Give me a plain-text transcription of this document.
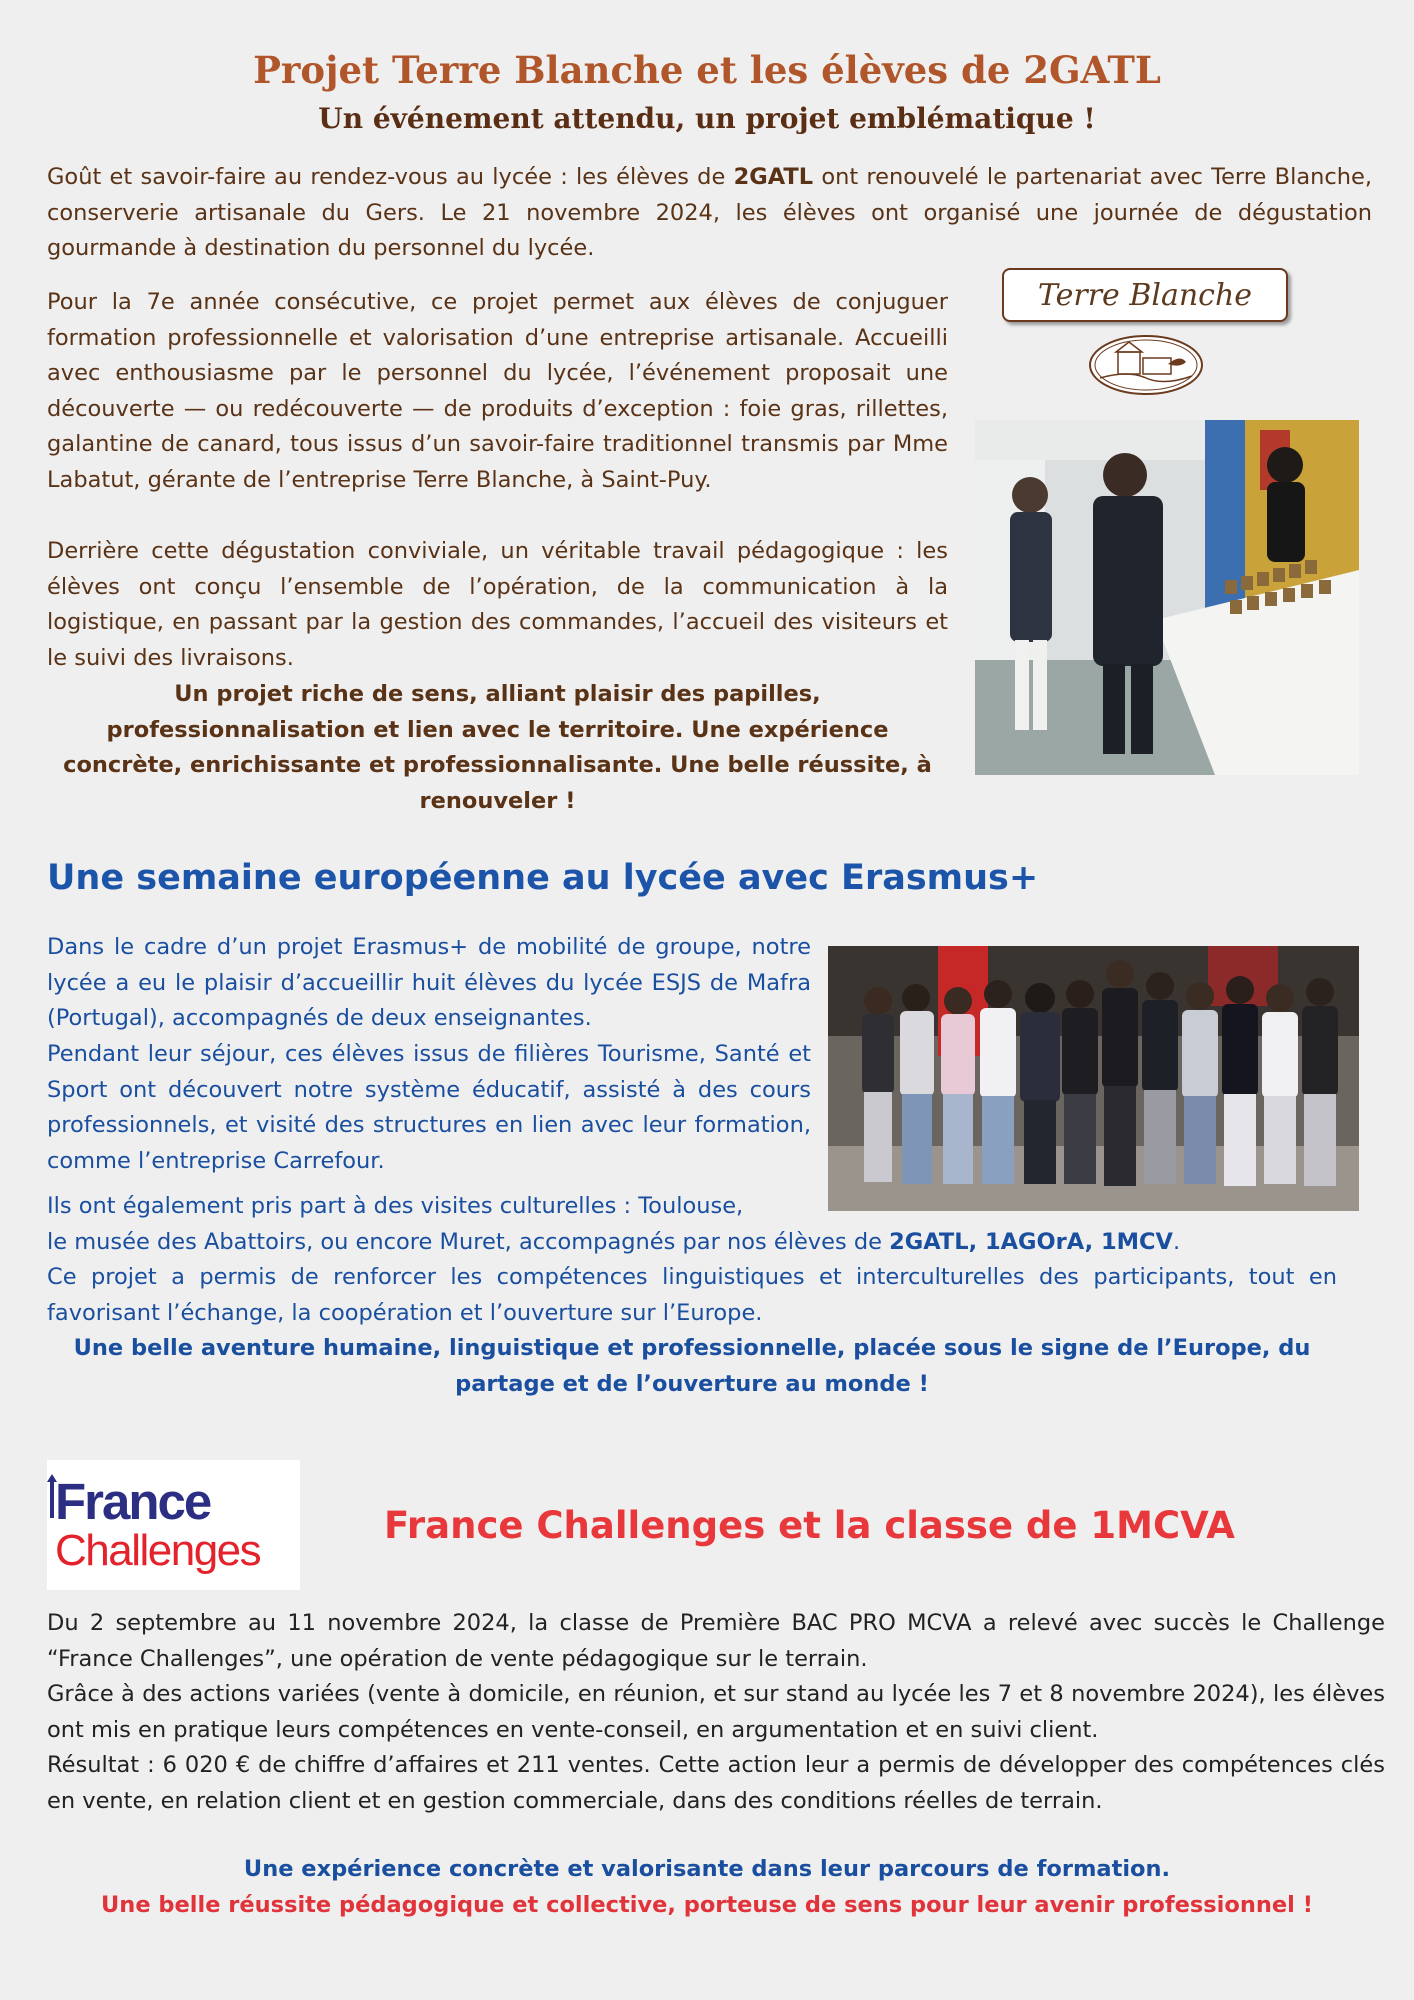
Projet Terre Blanche et les élèves de 2GATL
Un événement attendu, un projet emblématique !

Goût et savoir-faire au rendez-vous au lycée : les élèves de 2GATL ont renouvelé le partenariat avec Terre Blanche, conserverie artisanale du Gers. Le 21 novembre 2024, les élèves ont organisé une journée de dégustation gourmande à destination du personnel du lycée.

Pour la 7e année consécutive, ce projet permet aux élèves de conjuguer formation professionnelle et valorisation d’une entreprise artisanale. Accueilli avec enthousiasme par le personnel du lycée, l’événement proposait une découverte — ou redécouverte — de produits d’exception : foie gras, rillettes, galantine de canard, tous issus d’un savoir-faire traditionnel transmis par Mme Labatut, gérante de l’entreprise Terre Blanche, à Saint-Puy.

Derrière cette dégustation conviviale, un véritable travail pédagogique : les élèves ont conçu l’ensemble de l’opération, de la communication à la logistique, en passant par la gestion des commandes, l’accueil des visiteurs et le suivi des livraisons.

Un projet riche de sens, alliant plaisir des papilles, professionnalisation et lien avec le territoire. Une expérience concrète, enrichissante et professionnalisante. Une belle réussite, à renouveler !

Terre Blanche
Une semaine européenne au lycée avec Erasmus+

Dans le cadre d’un projet Erasmus+ de mobilité de groupe, notre lycée a eu le plaisir d’accueillir huit élèves du lycée ESJS de Mafra (Portugal), accompagnés de deux enseignantes.

Pendant leur séjour, ces élèves issus de filières Tourisme, Santé et Sport ont découvert notre système éducatif, assisté à des cours professionnels, et visité des structures en lien avec leur formation, comme l’entreprise Carrefour.

Ils ont également pris part à des visites culturelles : Toulouse,
le musée des Abattoirs, ou encore Muret, accompagnés par nos élèves de 2GATL, 1AGOrA, 1MCV.

Ce projet a permis de renforcer les compétences linguistiques et interculturelles des participants, tout en favorisant l’échange, la coopération et l’ouverture sur l’Europe.

Une belle aventure humaine, linguistique et professionnelle, placée sous le signe de l’Europe, du partage et de l’ouverture au monde !

France
Challenges
France Challenges et la classe de 1MCVA

Du 2 septembre au 11 novembre 2024, la classe de Première BAC PRO MCVA a relevé avec succès le Challenge “France Challenges”, une opération de vente pédagogique sur le terrain.

Grâce à des actions variées (vente à domicile, en réunion, et sur stand au lycée les 7 et 8 novembre 2024), les élèves ont mis en pratique leurs compétences en vente-conseil, en argumentation et en suivi client.

Résultat : 6 020 € de chiffre d’affaires et 211 ventes. Cette action leur a permis de développer des compétences clés en vente, en relation client et en gestion commerciale, dans des conditions réelles de terrain.

Une expérience concrète et valorisante dans leur parcours de formation.

Une belle réussite pédagogique et collective, porteuse de sens pour leur avenir professionnel !
